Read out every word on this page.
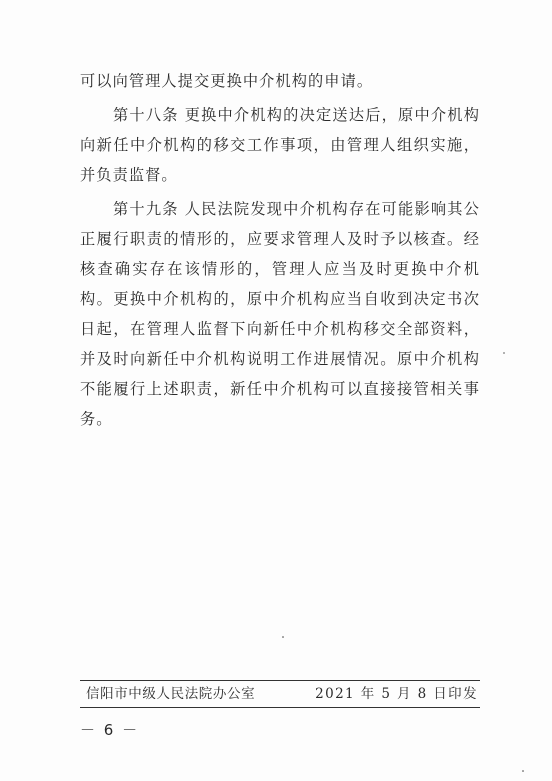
可以向管理人提交更换中介机构的申请。

第十八条 更换中介机构的决定送达后，原中介机构向新任中介机构的移交工作事项，由管理人组织实施，并负责监督。

第十九条 人民法院发现中介机构存在可能影响其公正履行职责的情形的，应要求管理人及时予以核查。经核查确实存在该情形的，管理人应当及时更换中介机构。更换中介机构的，原中介机构应当自收到决定书次日起，在管理人监督下向新任中介机构移交全部资料，并及时向新任中介机构说明工作进展情况。原中介机构不能履行上述职责，新任中介机构可以直接接管相关事务。

信阳市中级人民法院办公室	2021 年 5 月 8 日印发
－ 6 －
